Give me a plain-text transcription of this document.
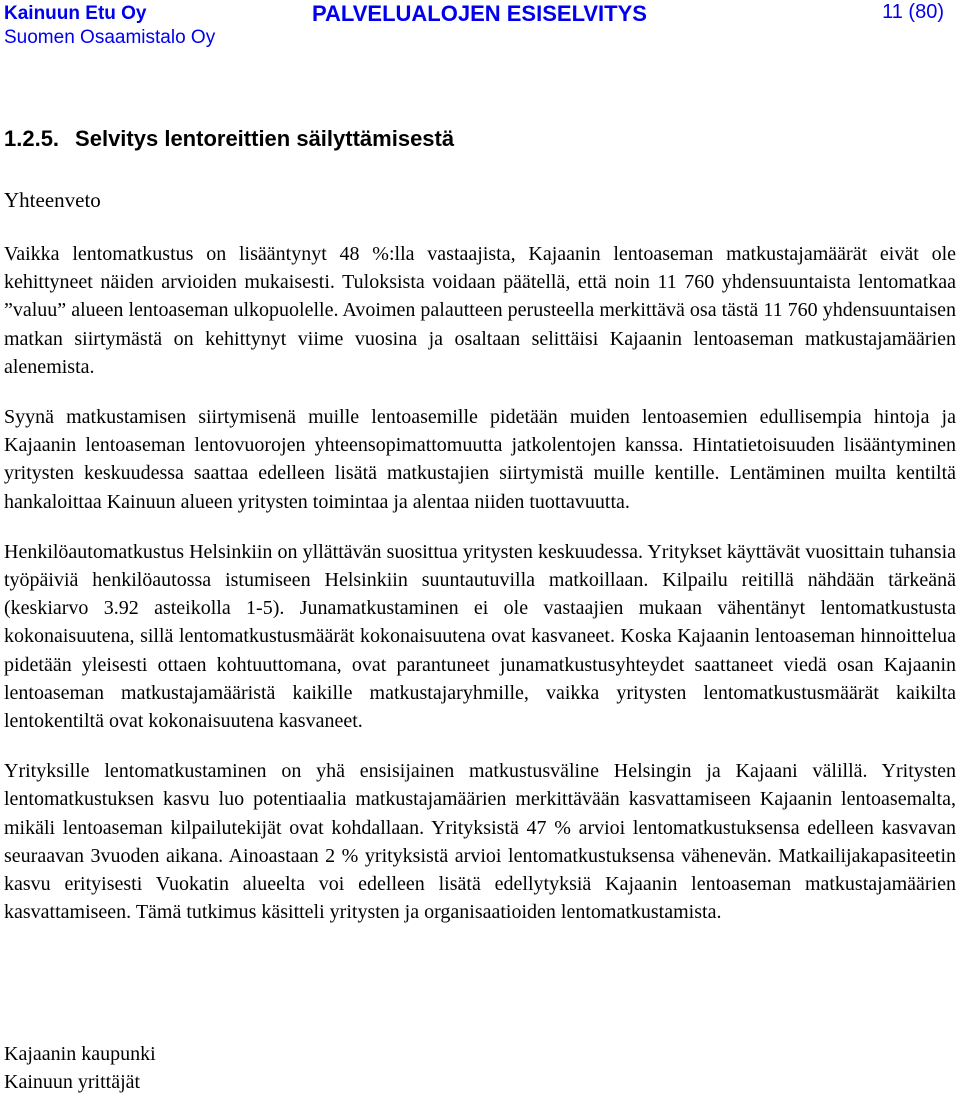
Kainuun Etu Oy
Suomen Osaamistalo Oy
PALVELUALOJEN ESISELVITYS	11 (80)
1.2.5. Selvitys lentoreittien säilyttämisestä
Yhteenveto

Vaikka lentomatkustus on lisääntynyt 48 %:lla vastaajista, Kajaanin lentoaseman matkustajamäärät eivät ole kehittyneet näiden arvioiden mukaisesti. Tuloksista voidaan päätellä, että noin 11 760 yhdensuuntaista lentomatkaa ”valuu” alueen lentoaseman ulkopuolelle. Avoimen palautteen perusteella merkittävä osa tästä 11 760 yhdensuuntaisen matkan siirtymästä on kehittynyt viime vuosina ja osaltaan selittäisi Kajaanin lentoaseman matkustajamäärien alenemista.

Syynä matkustamisen siirtymisenä muille lentoasemille pidetään muiden lentoasemien edullisempia hintoja ja Kajaanin lentoaseman lentovuorojen yhteensopimattomuutta jatkolentojen kanssa. Hintatietoisuuden lisääntyminen yritysten keskuudessa saattaa edelleen lisätä matkustajien siirtymistä muille kentille. Lentäminen muilta kentiltä hankaloittaa Kainuun alueen yritysten toimintaa ja alentaa niiden tuottavuutta.

Henkilöautomatkustus Helsinkiin on yllättävän suosittua yritysten keskuudessa. Yritykset käyttävät vuosittain tuhansia työpäiviä henkilöautossa istumiseen Helsinkiin suuntautuvilla matkoillaan. Kilpailu reitillä nähdään tärkeänä (keskiarvo 3.92 asteikolla 1-5). Junamatkustaminen ei ole vastaajien mukaan vähentänyt lentomatkustusta kokonaisuutena, sillä lentomatkustusmäärät kokonaisuutena ovat kasvaneet. Koska Kajaanin lentoaseman hinnoittelua pidetään yleisesti ottaen kohtuuttomana, ovat parantuneet junamatkustusyhteydet saattaneet viedä osan Kajaanin lentoaseman matkustajamääristä kaikille matkustajaryhmille, vaikka yritysten lentomatkustusmäärät kaikilta lentokentiltä ovat kokonaisuutena kasvaneet.

Yrityksille lentomatkustaminen on yhä ensisijainen matkustusväline Helsingin ja Kajaani välillä. Yritysten lentomatkustuksen kasvu luo potentiaalia matkustajamäärien merkittävään kasvattamiseen Kajaanin lentoasemalta, mikäli lentoaseman kilpailutekijät ovat kohdallaan. Yrityksistä 47 % arvioi lentomatkustuksensa edelleen kasvavan seuraavan 3vuoden aikana. Ainoastaan 2 % yrityksistä arvioi lentomatkustuksensa vähenevän. Matkailijakapasiteetin kasvu erityisesti Vuokatin alueelta voi edelleen lisätä edellytyksiä Kajaanin lentoaseman matkustajamäärien kasvattamiseen. Tämä tutkimus käsitteli yritysten ja organisaatioiden lentomatkustamista.

Kajaanin kaupunki
Kainuun yrittäjät
